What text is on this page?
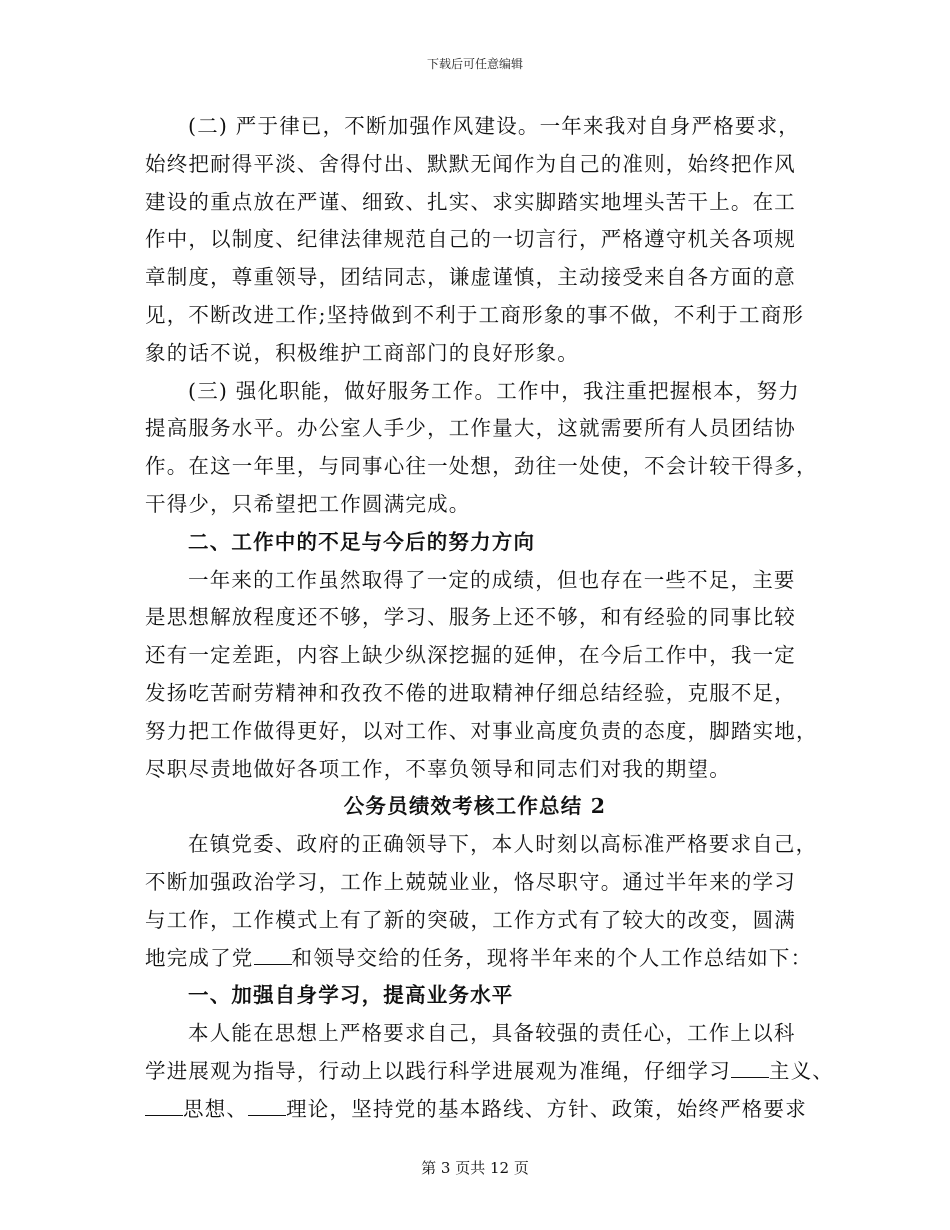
下载后可任意编辑
(二) 严于律已，不断加强作风建设。一年来我对自身严格要求，
始终把耐得平淡、舍得付出、默默无闻作为自己的准则，始终把作风
建设的重点放在严谨、细致、扎实、求实脚踏实地埋头苦干上。在工
作中，以制度、纪律法律规范自己的一切言行，严格遵守机关各项规
章制度，尊重领导，团结同志，谦虚谨慎，主动接受来自各方面的意
见，不断改进工作;坚持做到不利于工商形象的事不做，不利于工商形
象的话不说，积极维护工商部门的良好形象。
(三) 强化职能，做好服务工作。工作中，我注重把握根本，努力
提高服务水平。办公室人手少，工作量大，这就需要所有人员团结协
作。在这一年里，与同事心往一处想，劲往一处使，不会计较干得多，
干得少，只希望把工作圆满完成。
二、工作中的不足与今后的努力方向
一年来的工作虽然取得了一定的成绩，但也存在一些不足，主要
是思想解放程度还不够，学习、服务上还不够，和有经验的同事比较
还有一定差距，内容上缺少纵深挖掘的延伸，在今后工作中，我一定
发扬吃苦耐劳精神和孜孜不倦的进取精神仔细总结经验，克服不足，
努力把工作做得更好，以对工作、对事业高度负责的态度，脚踏实地，
尽职尽责地做好各项工作，不辜负领导和同志们对我的期望。
公务员绩效考核工作总结 2
在镇党委、政府的正确领导下，本人时刻以高标准严格要求自己，
不断加强政治学习，工作上兢兢业业，恪尽职守。通过半年来的学习
与工作，工作模式上有了新的突破，工作方式有了较大的改变，圆满
地完成了党 和领导交给的任务，现将半年来的个人工作总结如下：
一、加强自身学习，提高业务水平
本人能在思想上严格要求自己，具备较强的责任心，工作上以科
学进展观为指导，行动上以践行科学进展观为准绳，仔细学习 主义、
思想、 理论，坚持党的基本路线、方针、政策，始终严格要求
第 3 页共 12 页
